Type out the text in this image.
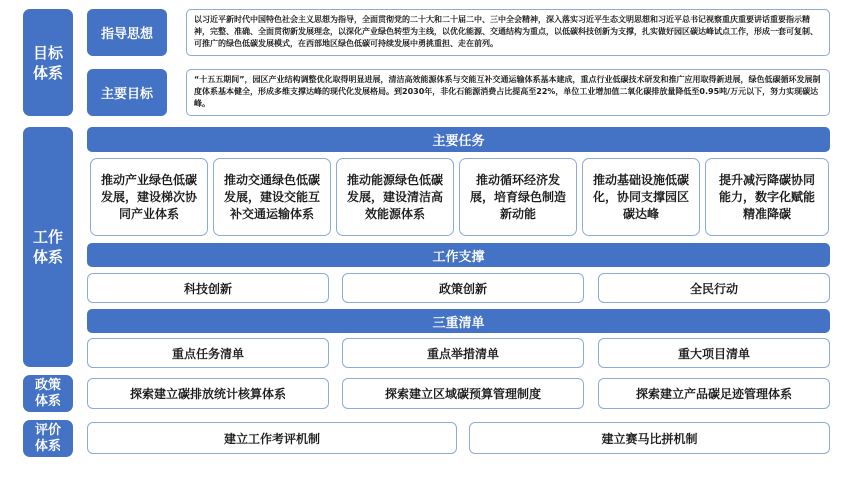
目标体系
指导思想
以习近平新时代中国特色社会主义思想为指导，全面贯彻党的二十大和二十届二中、三中全会精神，深入落实习近平生态文明思想和习近平总书记视察重庆重要讲话重要指示精神，完整、准确、全面贯彻新发展理念，以深化产业绿色转型为主线，以优化能源、交通结构为重点，以低碳科技创新为支撑，扎实做好园区碳达峰试点工作，形成一套可复制、可推广的绿色低碳发展模式，在西部地区绿色低碳可持续发展中勇挑重担、走在前列。
主要目标
“十五五期间”，园区产业结构调整优化取得明显进展，清洁高效能源体系与交能互补交通运输体系基本建成，重点行业低碳技术研发和推广应用取得新进展，绿色低碳循环发展制度体系基本健全，形成多维支撑达峰的现代化发展格局。到2030年，非化石能源消费占比提高至22%，单位工业增加值二氧化碳排放量降低至0.95吨/万元以下，努力实现碳达峰。
工作体系
主要任务
推动产业绿色低碳发展，建设梯次协同产业体系
推动交通绿色低碳发展，建设交能互补交通运输体系
推动能源绿色低碳发展，建设清洁高效能源体系
推动循环经济发展，培育绿色制造新动能
推动基础设施低碳化，协同支撑园区碳达峰
提升减污降碳协同能力，数字化赋能精准降碳
工作支撑
科技创新	政策创新	全民行动
三重清单
重点任务清单	重点举措清单	重大项目清单
政策体系	探索建立碳排放统计核算体系	探索建立区域碳预算管理制度	探索建立产品碳足迹管理体系
评价体系	建立工作考评机制	建立赛马比拼机制
